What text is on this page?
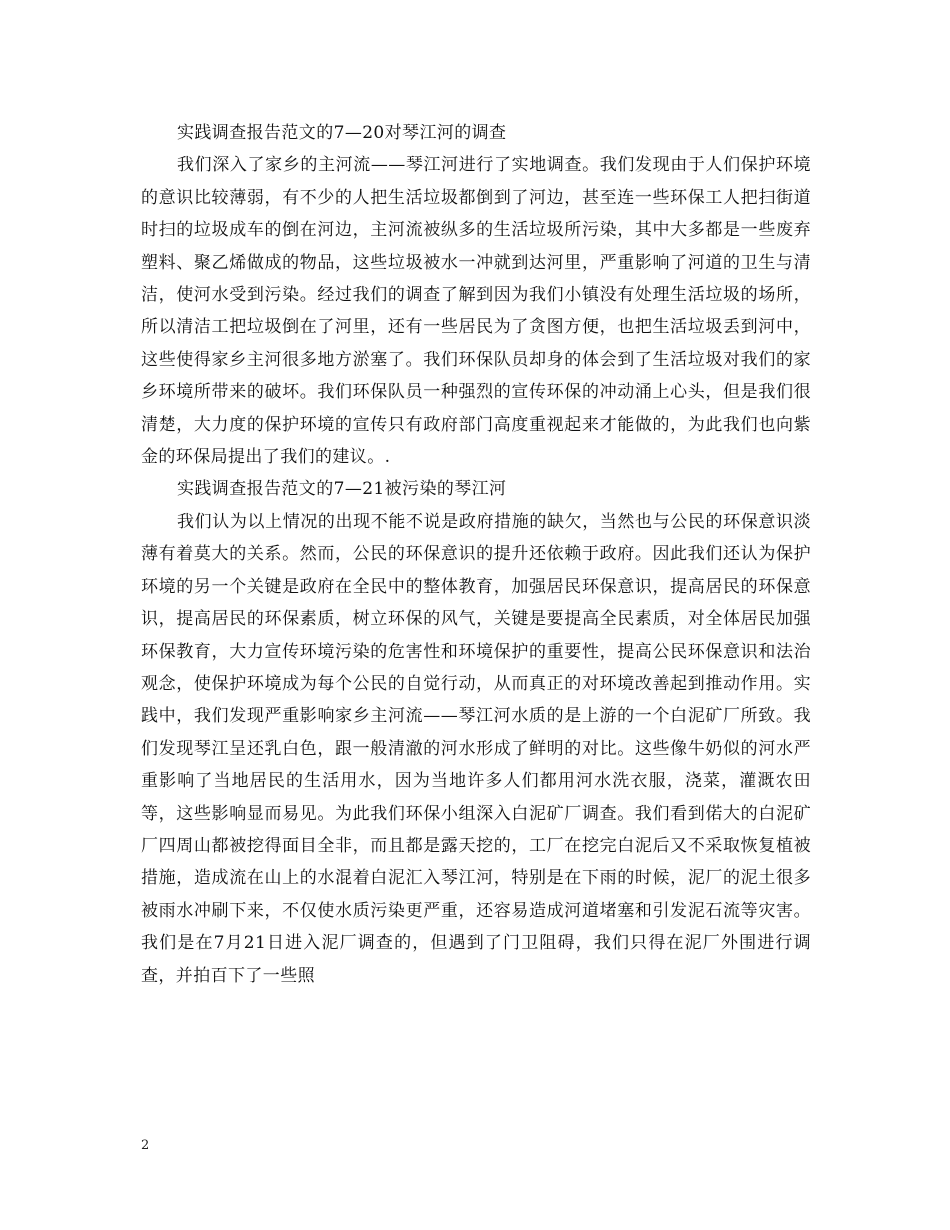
实践调查报告范文的7—20对琴江河的调查

我们深入了家乡的主河流——琴江河进行了实地调查。我们发现由于人们保护环境的意识比较薄弱，有不少的人把生活垃圾都倒到了河边，甚至连一些环保工人把扫街道时扫的垃圾成车的倒在河边，主河流被纵多的生活垃圾所污染，其中大多都是一些废弃塑料、聚乙烯做成的物品，这些垃圾被水一冲就到达河里，严重影响了河道的卫生与清洁，使河水受到污染。经过我们的调查了解到因为我们小镇没有处理生活垃圾的场所，所以清洁工把垃圾倒在了河里，还有一些居民为了贪图方便，也把生活垃圾丢到河中，这些使得家乡主河很多地方淤塞了。我们环保队员却身的体会到了生活垃圾对我们的家乡环境所带来的破坏。我们环保队员一种强烈的宣传环保的冲动涌上心头，但是我们很清楚，大力度的保护环境的宣传只有政府部门高度重视起来才能做的，为此我们也向紫金的环保局提出了我们的建议。.

实践调查报告范文的7—21被污染的琴江河

我们认为以上情况的出现不能不说是政府措施的缺欠，当然也与公民的环保意识淡薄有着莫大的关系。然而，公民的环保意识的提升还依赖于政府。因此我们还认为保护环境的另一个关键是政府在全民中的整体教育，加强居民环保意识，提高居民的环保意识，提高居民的环保素质，树立环保的风气，关键是要提高全民素质，对全体居民加强环保教育，大力宣传环境污染的危害性和环境保护的重要性，提高公民环保意识和法治观念，使保护环境成为每个公民的自觉行动，从而真正的对环境改善起到推动作用。实践中，我们发现严重影响家乡主河流——琴江河水质的是上游的一个白泥矿厂所致。我们发现琴江呈还乳白色，跟一般清澈的河水形成了鲜明的对比。这些像牛奶似的河水严重影响了当地居民的生活用水，因为当地许多人们都用河水洗衣服，浇菜，灌溉农田等，这些影响显而易见。为此我们环保小组深入白泥矿厂调查。我们看到偌大的白泥矿厂四周山都被挖得面目全非，而且都是露天挖的，工厂在挖完白泥后又不采取恢复植被措施，造成流在山上的水混着白泥汇入琴江河，特别是在下雨的时候，泥厂的泥土很多被雨水冲刷下来，不仅使水质污染更严重，还容易造成河道堵塞和引发泥石流等灾害。我们是在7月21日进入泥厂调查的，但遇到了门卫阻碍，我们只得在泥厂外围进行调查，并拍百下了一些照

2
